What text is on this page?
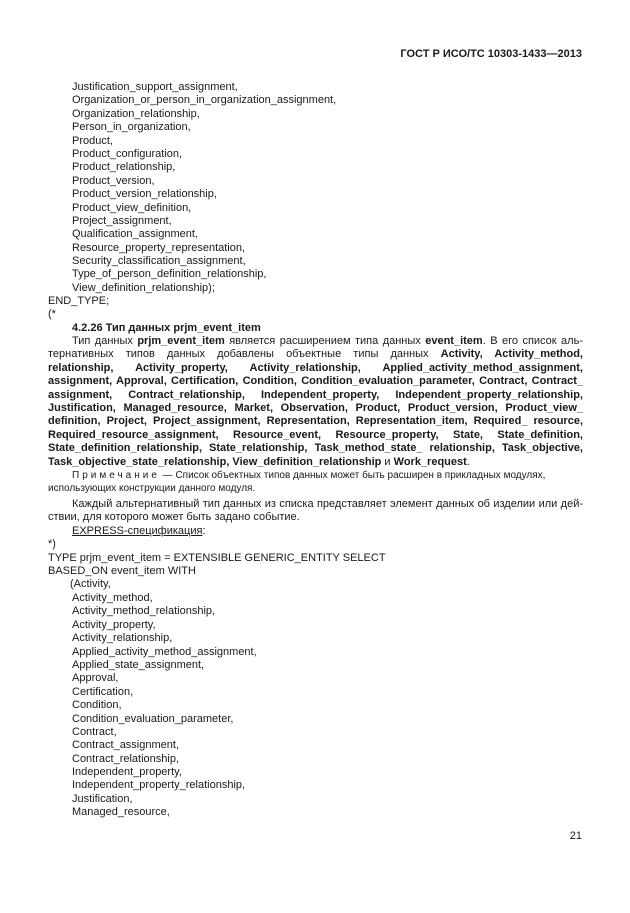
ГОСТ Р ИСО/ТС 10303-1433—2013
Justification_support_assignment,
Organization_or_person_in_organization_assignment,
Organization_relationship,
Person_in_organization,
Product,
Product_configuration,
Product_relationship,
Product_version,
Product_version_relationship,
Product_view_definition,
Project_assignment,
Qualification_assignment,
Resource_property_representation,
Security_classification_assignment,
Type_of_person_definition_relationship,
View_definition_relationship);
END_TYPE;
(*
4.2.26 Тип данных prjm_event_item
Тип данных prjm_event_item является расширением типа данных event_item. В его список аль-
тернативных типов данных добавлены объектные типы данных Activity, Activity_method,
relationship, Activity_property, Activity_relationship, Applied_activity_method_assignment,
assignment, Approval, Certification, Condition, Condition_evaluation_parameter, Contract, Contract_
assignment, Contract_relationship, Independent_property, Independent_property_relationship,
Justification, Managed_resource, Market, Observation, Product, Product_version, Product_view_
definition, Project, Project_assignment, Representation, Representation_item, Required_ resource,
Required_resource_assignment, Resource_event, Resource_property, State, State_definition,
State_definition_relationship, State_relationship, Task_method_state_ relationship, Task_objective,
Task_objective_state_relationship, View_definition_relationship и Work_request.
Примечание — Список объектных типов данных может быть расширен в прикладных модулях,
использующих конструкции данного модуля.
Каждый альтернативный тип данных из списка представляет элемент данных об изделии или дей-
ствии, для которого может быть задано событие.
EXPRESS-спецификация:
*)
TYPE prjm_event_item = EXTENSIBLE GENERIC_ENTITY SELECT
BASED_ON event_item WITH
(Activity,
Activity_method,
Activity_method_relationship,
Activity_property,
Activity_relationship,
Applied_activity_method_assignment,
Applied_state_assignment,
Approval,
Certification,
Condition,
Condition_evaluation_parameter,
Contract,
Contract_assignment,
Contract_relationship,
Independent_property,
Independent_property_relationship,
Justification,
Managed_resource,
21
